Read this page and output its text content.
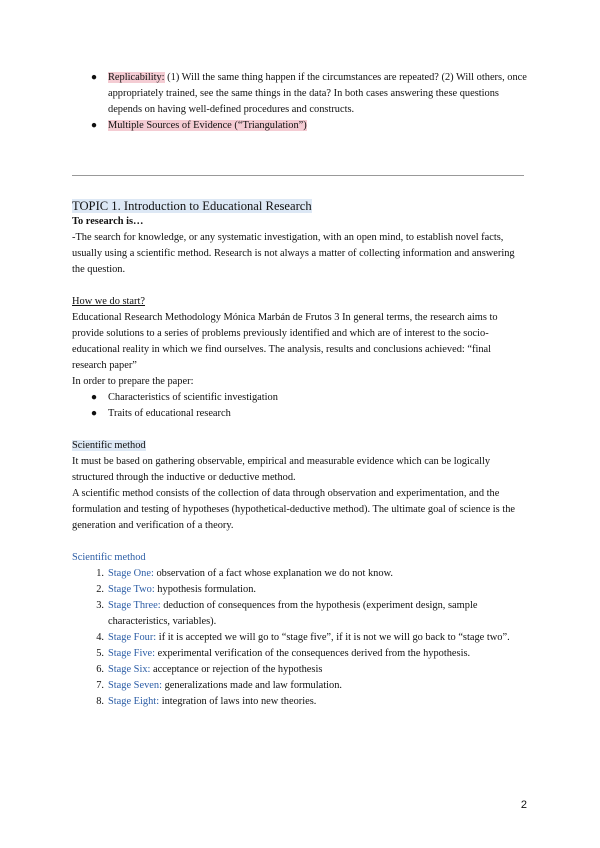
● Replicability: (1) Will the same thing happen if the circumstances are repeated? (2) Will others, once appropriately trained, see the same things in the data? In both cases answering these questions depends on having well-defined procedures and constructs.
● Multiple Sources of Evidence (“Triangulation”)
TOPIC 1. Introduction to Educational Research

To research is…

-The search for knowledge, or any systematic investigation, with an open mind, to establish novel facts, usually using a scientific method. Research is not always a matter of collecting information and answering the question.

How we do start?

Educational Research Methodology Mónica Marbán de Frutos 3 In general terms, the research aims to provide solutions to a series of problems previously identified and which are of interest to the socio-educational reality in which we find ourselves. The analysis, results and conclusions achieved: “final research paper”

In order to prepare the paper:

● Characteristics of scientific investigation
● Traits of educational research

Scientific method

It must be based on gathering observable, empirical and measurable evidence which can be logically structured through the inductive or deductive method.

A scientific method consists of the collection of data through observation and experimentation, and the formulation and testing of hypotheses (hypothetical-deductive method). The ultimate goal of science is the generation and verification of a theory.

Scientific method

1. Stage One: observation of a fact whose explanation we do not know.
2. Stage Two: hypothesis formulation.
3. Stage Three: deduction of consequences from the hypothesis (experiment design, sample characteristics, variables).
4. Stage Four: if it is accepted we will go to “stage five”, if it is not we will go back to “stage two”.
5. Stage Five: experimental verification of the consequences derived from the hypothesis.
6. Stage Six: acceptance or rejection of the hypothesis
7. Stage Seven: generalizations made and law formulation.
8. Stage Eight: integration of laws into new theories.
2
